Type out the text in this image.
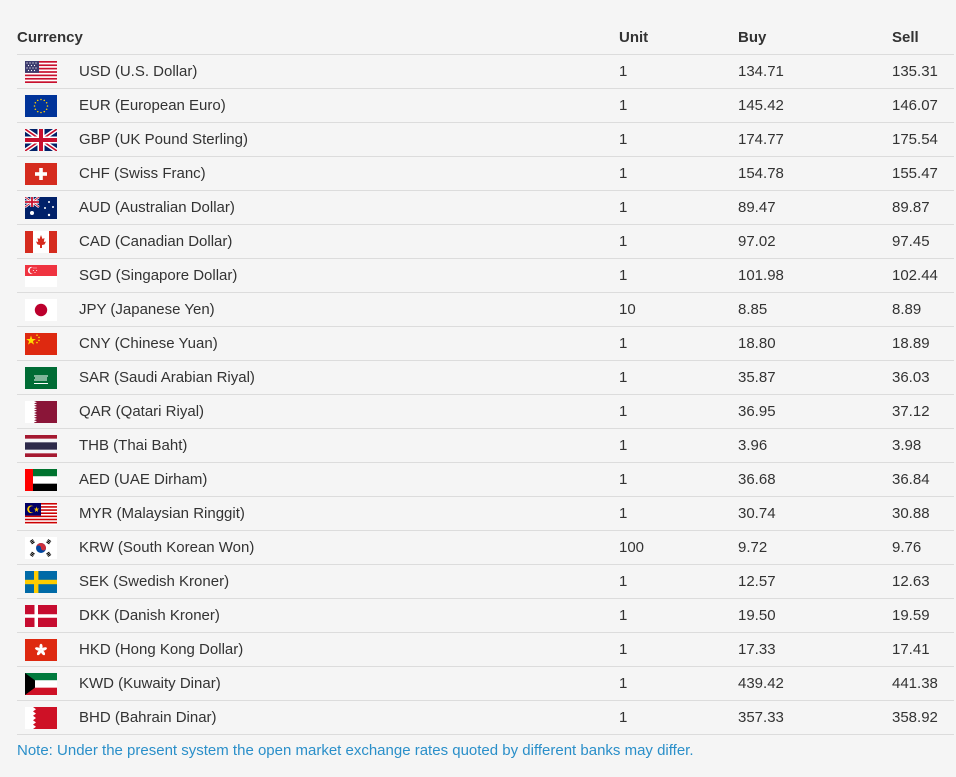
Currency	Unit	Buy	Sell

USD (U.S. Dollar)	1	134.71	135.31

EUR (European Euro)	1	145.42	146.07

GBP (UK Pound Sterling)	1	174.77	175.54

CHF (Swiss Franc)	1	154.78	155.47

AUD (Australian Dollar)	1	89.47	89.87

CAD (Canadian Dollar)	1	97.02	97.45

SGD (Singapore Dollar)	1	101.98	102.44

JPY (Japanese Yen)	10	8.85	8.89

CNY (Chinese Yuan)	1	18.80	18.89

SAR (Saudi Arabian Riyal)	1	35.87	36.03

QAR (Qatari Riyal)	1	36.95	37.12

THB (Thai Baht)	1	3.96	3.98

AED (UAE Dirham)	1	36.68	36.84

MYR (Malaysian Ringgit)	1	30.74	30.88

KRW (South Korean Won)	100	9.72	9.76

SEK (Swedish Kroner)	1	12.57	12.63

DKK (Danish Kroner)	1	19.50	19.59

HKD (Hong Kong Dollar)	1	17.33	17.41

KWD (Kuwaity Dinar)	1	439.42	441.38

BHD (Bahrain Dinar)	1	357.33	358.92
Note: Under the present system the open market exchange rates quoted by different banks may differ.
